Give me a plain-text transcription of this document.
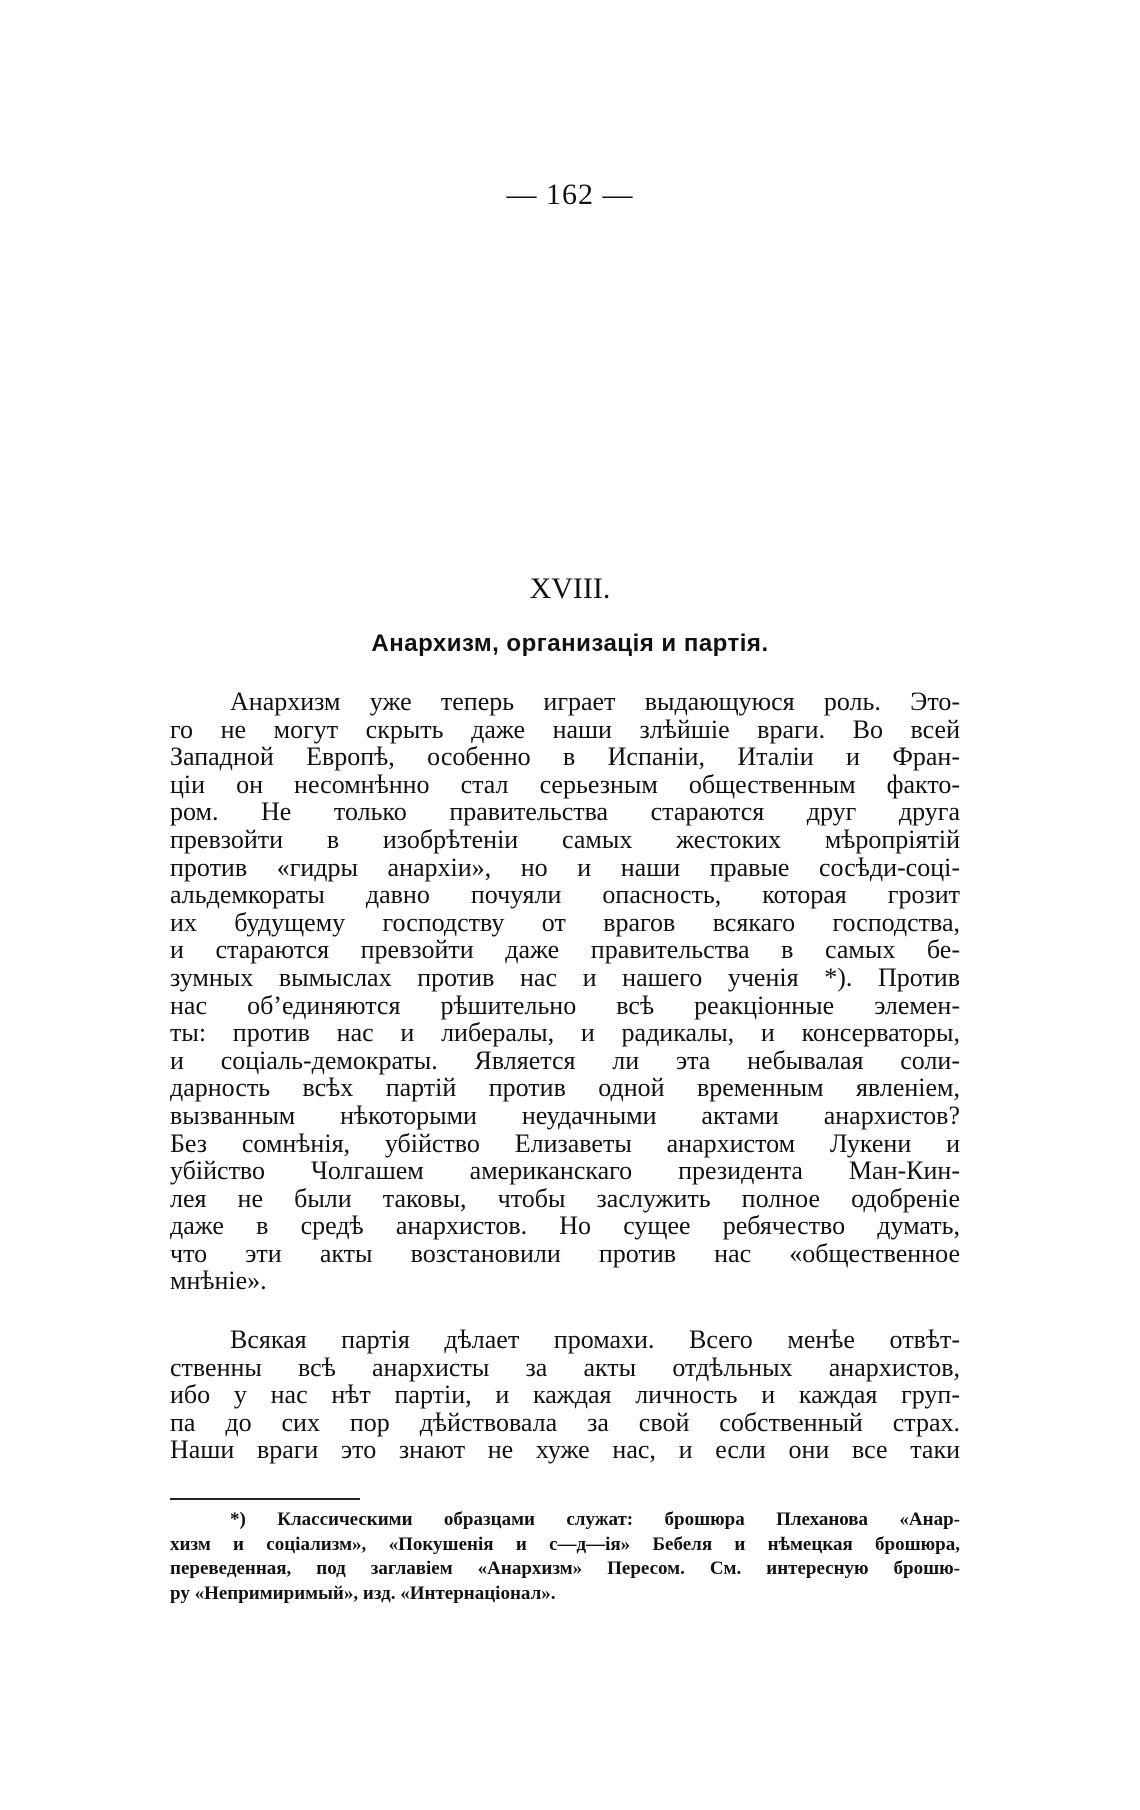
— 162 —
XVIII.
Анархизм, организація и партія.
Анархизм уже теперь играет выдающуюся роль. Это-
го не могут скрыть даже наши злѣйшіе враги. Во всей
Западной Европѣ, особенно в Испаніи, Италіи и Фран-
ціи он несомнѣнно стал серьезным общественным факто-
ром. Не только правительства стараются друг друга
превзойти в изобрѣтеніи самых жестоких мѣропріятій
против «гидры анархіи», но и наши правые сосѣди-соці-
альдемкораты давно почуяли опасность, которая грозит
их будущему господству от врагов всякаго господства,
и стараются превзойти даже правительства в самых бе-
зумных вымыслах против нас и нашего ученія *). Против
нас об’единяются рѣшительно всѣ реакціонные элемен-
ты: против нас и либералы, и радикалы, и консерваторы,
и соціаль-демократы. Является ли эта небывалая соли-
дарность всѣх партій против одной временным явленіем,
вызванным нѣкоторыми неудачными актами анархистов?
Без сомнѣнія, убійство Елизаветы анархистом Лукени и
убійство Чолгашем американскаго президента Ман-Кин-
лея не были таковы, чтобы заслужить полное одобреніе
даже в средѣ анархистов. Но сущее ребячество думать,
что эти акты возстановили против нас «общественное
мнѣніе».
Всякая партія дѣлает промахи. Всего менѣе отвѣт-
ственны всѣ анархисты за акты отдѣльных анархистов,
ибо у нас нѣт партіи, и каждая личность и каждая груп-
па до сих пор дѣйствовала за свой собственный страх.
Наши враги это знают не хуже нас, и если они все таки
*) Классическими образцами служат: брошюра Плеханова «Анар-
хизм и соціализм», «Покушенія и с—д—ія» Бебеля и нѣмецкая брошюра,
переведенная, под заглавіем «Анархизм» Пересом. См. интересную брошю-
ру «Непримиримый», изд. «Интернаціонал».
